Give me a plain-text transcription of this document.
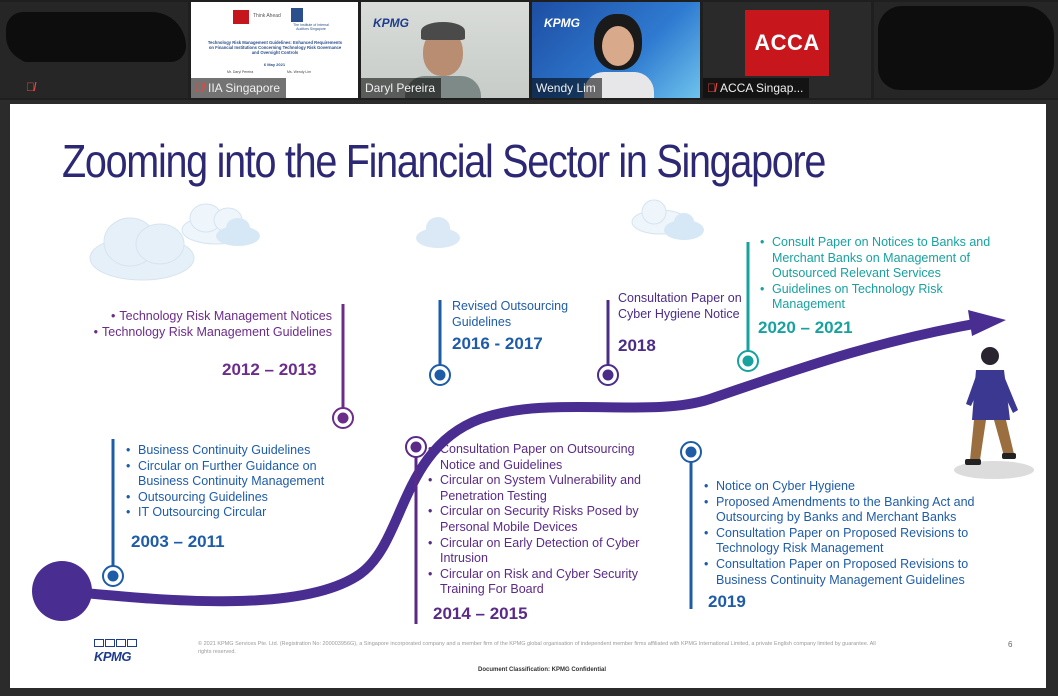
🎙̸
Think Ahead
The Institute of Internal Auditors Singapore
Technology Risk Management Guidelines: Enhanced Requirements on Financial Institutions Concerning Technology Risk Governance and Oversight Controls
6 May 2021
Mr. Daryl Pereira	Ms. Wendy Lim
🎙̸ IIA Singapore
KPMG
Daryl Pereira
KPMG
Wendy Lim
ACCA
🎙̸ ACCA Singap...
Zooming into the Financial Sector in Singapore
• Business Continuity Guidelines
• Circular on Further Guidance on Business Continuity Management
• Outsourcing Guidelines
• IT Outsourcing Circular
2003 – 2011
• Technology Risk Management Notices
• Technology Risk Management Guidelines
2012 – 2013
• Consultation Paper on Outsourcing Notice and Guidelines
• Circular on System Vulnerability and Penetration Testing
• Circular on Security Risks Posed by Personal Mobile Devices
• Circular on Early Detection of Cyber Intrusion
• Circular on Risk and Cyber Security Training For Board
2014 – 2015
Revised Outsourcing Guidelines
2016 - 2017
Consultation Paper on Cyber Hygiene Notice
2018
• Notice on Cyber Hygiene
• Proposed Amendments to the Banking Act and Outsourcing by Banks and Merchant Banks
• Consultation Paper on Proposed Revisions to Technology Risk Management
• Consultation Paper on Proposed Revisions to Business Continuity Management Guidelines
2019
• Consult Paper on Notices to Banks and Merchant Banks on Management of Outsourced Relevant Services
• Guidelines on Technology Risk Management
2020 – 2021
KPMG
© 2021 KPMG Services Pte. Ltd. (Registration No: 200003956G), a Singapore incorporated company and a member firm of the KPMG global organisation of independent member firms affiliated with KPMG International Limited, a private English company limited by guarantee. All rights reserved.
6
Document Classification: KPMG Confidential
